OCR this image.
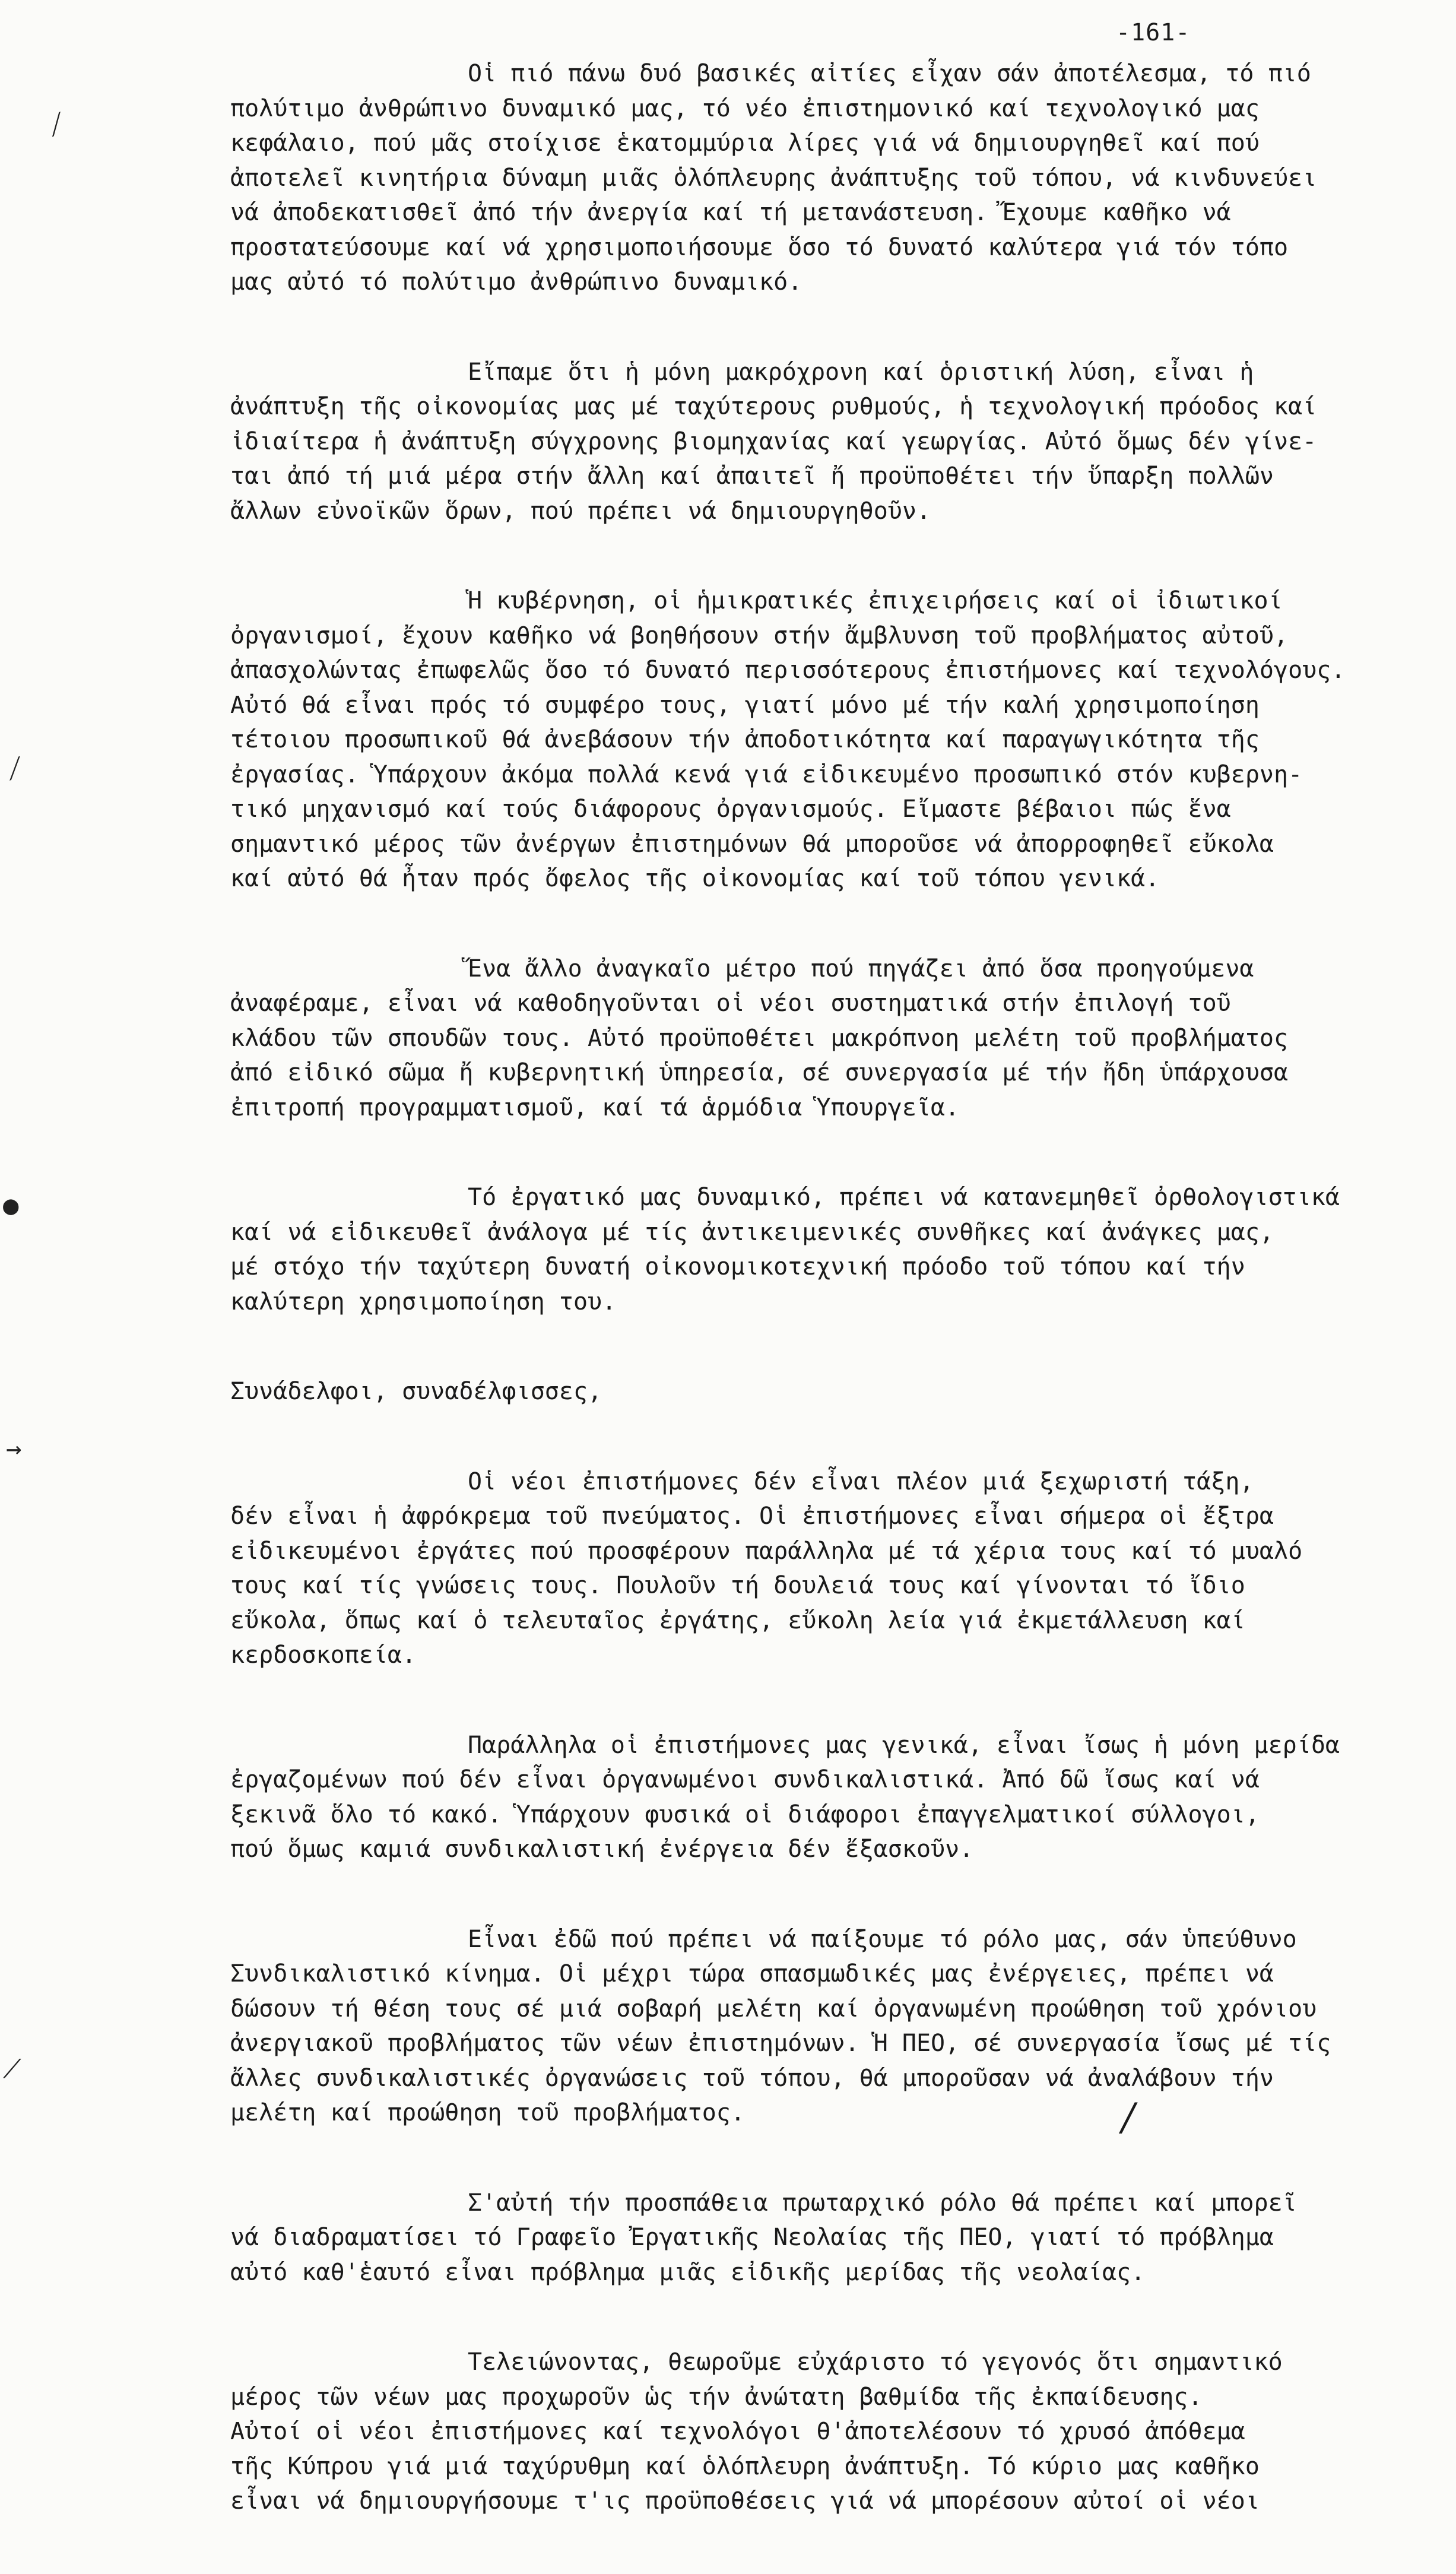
-161-
Οἱ πιό πάνω δυό βασικές αἰτίες εἶχαν σάν ἀποτέλεσμα, τό πιό
πολύτιμο ἀνθρώπινο δυναμικό μας, τό νέο ἐπιστημονικό καί τεχνολογικό μας
κεφάλαιο, πού μᾶς στοίχισε ἑκατομμύρια λίρες γιά νά δημιουργηθεῖ καί πού
ἀποτελεῖ κινητήρια δύναμη μιᾶς ὁλόπλευρης ἀνάπτυξης τοῦ τόπου, νά κινδυνεύει
νά ἀποδεκατισθεῖ ἀπό τήν ἀνεργία καί τή μετανάστευση. Ἔχουμε καθῆκο νά
προστατεύσουμε καί νά χρησιμοποιήσουμε ὅσο τό δυνατό καλύτερα γιά τόν τόπο
μας αὐτό τό πολύτιμο ἀνθρώπινο δυναμικό.
Εἴπαμε ὅτι ἡ μόνη μακρόχρονη καί ὁριστική λύση, εἶναι ἡ
ἀνάπτυξη τῆς οἰκονομίας μας μέ ταχύτερους ρυθμούς, ἡ τεχνολογική πρόοδος καί
ἰδιαίτερα ἡ ἀνάπτυξη σύγχρονης βιομηχανίας καί γεωργίας. Αὐτό ὅμως δέν γίνε-
ται ἀπό τή μιά μέρα στήν ἄλλη καί ἀπαιτεῖ ἤ προϋποθέτει τήν ὕπαρξη πολλῶν
ἄλλων εὐνοϊκῶν ὅρων, πού πρέπει νά δημιουργηθοῦν.
Ἡ κυβέρνηση, οἱ ἡμικρατικές ἐπιχειρήσεις καί οἱ ἰδιωτικοί
ὀργανισμοί, ἔχουν καθῆκο νά βοηθήσουν στήν ἄμβλυνση τοῦ προβλήματος αὐτοῦ,
ἀπασχολώντας ἐπωφελῶς ὅσο τό δυνατό περισσότερους ἐπιστήμονες καί τεχνολόγους.
Αὐτό θά εἶναι πρός τό συμφέρο τους, γιατί μόνο μέ τήν καλή χρησιμοποίηση
τέτοιου προσωπικοῦ θά ἀνεβάσουν τήν ἀποδοτικότητα καί παραγωγικότητα τῆς
ἐργασίας. Ὑπάρχουν ἀκόμα πολλά κενά γιά εἰδικευμένο προσωπικό στόν κυβερνη-
τικό μηχανισμό καί τούς διάφορους ὀργανισμούς. Εἴμαστε βέβαιοι πώς ἕνα
σημαντικό μέρος τῶν ἀνέργων ἐπιστημόνων θά μποροῦσε νά ἀπορροφηθεῖ εὔκολα
καί αὐτό θά ἦταν πρός ὄφελος τῆς οἰκονομίας καί τοῦ τόπου γενικά.
Ἕνα ἄλλο ἀναγκαῖο μέτρο πού πηγάζει ἀπό ὅσα προηγούμενα
ἀναφέραμε, εἶναι νά καθοδηγοῦνται οἱ νέοι συστηματικά στήν ἐπιλογή τοῦ
κλάδου τῶν σπουδῶν τους. Αὐτό προϋποθέτει μακρόπνοη μελέτη τοῦ προβλήματος
ἀπό εἰδικό σῶμα ἤ κυβερνητική ὑπηρεσία, σέ συνεργασία μέ τήν ἤδη ὑπάρχουσα
ἐπιτροπή προγραμματισμοῦ, καί τά ἁρμόδια Ὑπουργεῖα.
Τό ἐργατικό μας δυναμικό, πρέπει νά κατανεμηθεῖ ὀρθολογιστικά
καί νά εἰδικευθεῖ ἀνάλογα μέ τίς ἀντικειμενικές συνθῆκες καί ἀνάγκες μας,
μέ στόχο τήν ταχύτερη δυνατή οἰκονομικοτεχνική πρόοδο τοῦ τόπου καί τήν
καλύτερη χρησιμοποίηση του.
Συνάδελφοι, συναδέλφισσες,
Οἱ νέοι ἐπιστήμονες δέν εἶναι πλέον μιά ξεχωριστή τάξη,
δέν εἶναι ἡ ἀφρόκρεμα τοῦ πνεύματος. Οἱ ἐπιστήμονες εἶναι σήμερα οἱ ἔξτρα
εἰδικευμένοι ἐργάτες πού προσφέρουν παράλληλα μέ τά χέρια τους καί τό μυαλό
τους καί τίς γνώσεις τους. Πουλοῦν τή δουλειά τους καί γίνονται τό ἴδιο
εὔκολα, ὅπως καί ὁ τελευταῖος ἐργάτης, εὔκολη λεία γιά ἐκμετάλλευση καί
κερδοσκοπεία.
Παράλληλα οἱ ἐπιστήμονες μας γενικά, εἶναι ἴσως ἡ μόνη μερίδα
ἐργαζομένων πού δέν εἶναι ὀργανωμένοι συνδικαλιστικά. Ἀπό δῶ ἴσως καί νά
ξεκινᾶ ὅλο τό κακό. Ὑπάρχουν φυσικά οἱ διάφοροι ἐπαγγελματικοί σύλλογοι,
πού ὅμως καμιά συνδικαλιστική ἐνέργεια δέν ἔξασκοῦν.
Εἶναι ἐδῶ πού πρέπει νά παίξουμε τό ρόλο μας, σάν ὑπεύθυνο
Συνδικαλιστικό κίνημα. Οἱ μέχρι τώρα σπασμωδικές μας ἐνέργειες, πρέπει νά
δώσουν τή θέση τους σέ μιά σοβαρή μελέτη καί ὀργανωμένη προώθηση τοῦ χρόνιου
ἀνεργιακοῦ προβλήματος τῶν νέων ἐπιστημόνων. Ἡ ΠΕΟ, σέ συνεργασία ἴσως μέ τίς
ἄλλες συνδικαλιστικές ὀργανώσεις τοῦ τόπου, θά μποροῦσαν νά ἀναλάβουν τήν
μελέτη καί προώθηση τοῦ προβλήματος.
Σ'αὐτή τήν προσπάθεια πρωταρχικό ρόλο θά πρέπει καί μπορεῖ
νά διαδραματίσει τό Γραφεῖο Ἐργατικῆς Νεολαίας τῆς ΠΕΟ, γιατί τό πρόβλημα
αὐτό καθ'ἑαυτό εἶναι πρόβλημα μιᾶς εἰδικῆς μερίδας τῆς νεολαίας.
Τελειώνοντας, θεωροῦμε εὐχάριστο τό γεγονός ὅτι σημαντικό
μέρος τῶν νέων μας προχωροῦν ὡς τήν ἀνώτατη βαθμίδα τῆς ἐκπαίδευσης.
Αὐτοί οἱ νέοι ἐπιστήμονες καί τεχνολόγοι θ'ἀποτελέσουν τό χρυσό ἀπόθεμα
τῆς Κύπρου γιά μιά ταχύρυθμη καί ὁλόπλευρη ἀνάπτυξη. Τό κύριο μας καθῆκο
εἶναι νά δημιουργήσουμε τ'ις προϋποθέσεις γιά νά μπορέσουν αὐτοί οἱ νέοι
⟋
⟋
●
→
⟋
/
